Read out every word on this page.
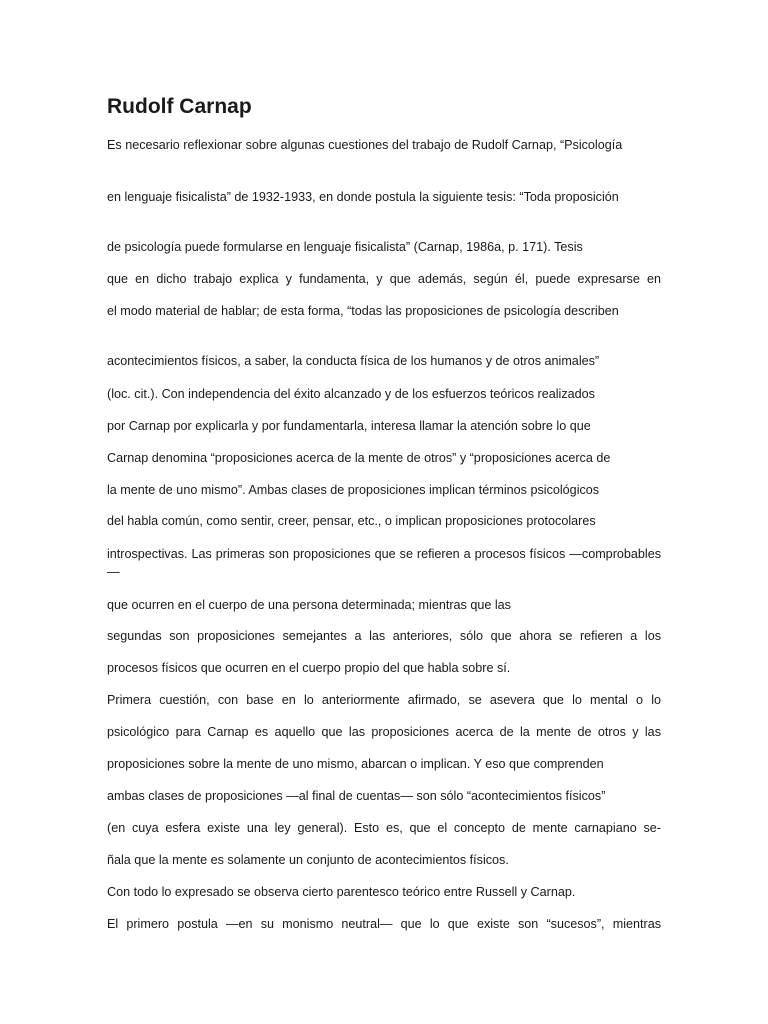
Rudolf Carnap

Es necesario reflexionar sobre algunas cuestiones del trabajo de Rudolf Carnap, “Psicología

en lenguaje fisicalista” de 1932-1933, en donde postula la siguiente tesis: “Toda proposición

de psicología puede formularse en lenguaje fisicalista” (Carnap, 1986a, p. 171). Tesis

que en dicho trabajo explica y fundamenta, y que además, según él, puede expresarse en

el modo material de hablar; de esta forma, “todas las proposiciones de psicología describen

acontecimientos físicos, a saber, la conducta física de los humanos y de otros animales”

(loc. cit.). Con independencia del éxito alcanzado y de los esfuerzos teóricos realizados

por Carnap por explicarla y por fundamentarla, interesa llamar la atención sobre lo que

Carnap denomina “proposiciones acerca de la mente de otros” y “proposiciones acerca de

la mente de uno mismo”. Ambas clases de proposiciones implican términos psicológicos

del habla común, como sentir, creer, pensar, etc., o implican proposiciones protocolares

introspectivas. Las primeras son proposiciones que se refieren a procesos físicos —comprobables—

que ocurren en el cuerpo de una persona determinada; mientras que las

segundas son proposiciones semejantes a las anteriores, sólo que ahora se refieren a los

procesos físicos que ocurren en el cuerpo propio del que habla sobre sí.

Primera cuestión, con base en lo anteriormente afirmado, se asevera que lo mental o lo

psicológico para Carnap es aquello que las proposiciones acerca de la mente de otros y las

proposiciones sobre la mente de uno mismo, abarcan o implican. Y eso que comprenden

ambas clases de proposiciones —al final de cuentas— son sólo “acontecimientos físicos”

(en cuya esfera existe una ley general). Esto es, que el concepto de mente carnapiano se-

ñala que la mente es solamente un conjunto de acontecimientos físicos.

Con todo lo expresado se observa cierto parentesco teórico entre Russell y Carnap.

El primero postula —en su monismo neutral— que lo que existe son “sucesos”, mientras
